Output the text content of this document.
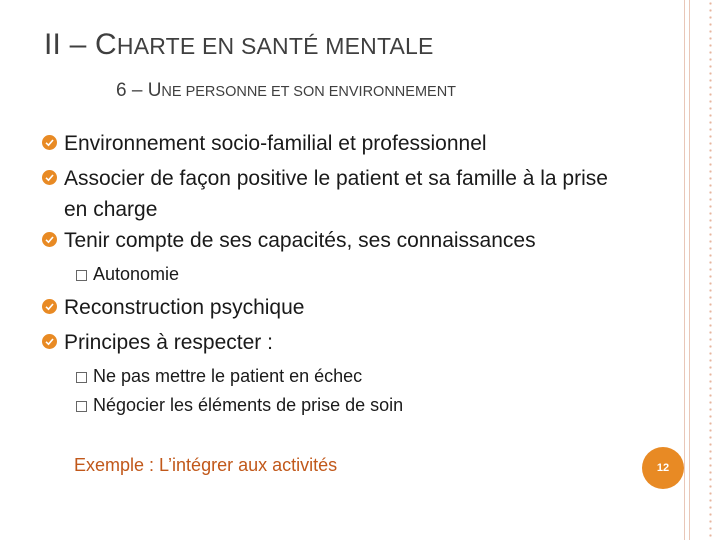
II – CHARTE EN SANTÉ MENTALE
6 – UNE PERSONNE ET SON ENVIRONNEMENT
Environnement socio-familial et professionnel
Associer de façon positive le patient et sa famille à la prise en charge
Tenir compte de ses capacités, ses connaissances
Autonomie
Reconstruction psychique
Principes à respecter :
Ne pas mettre le patient en échec
Négocier les éléments de prise de soin
Exemple : L’intégrer aux activités	12
